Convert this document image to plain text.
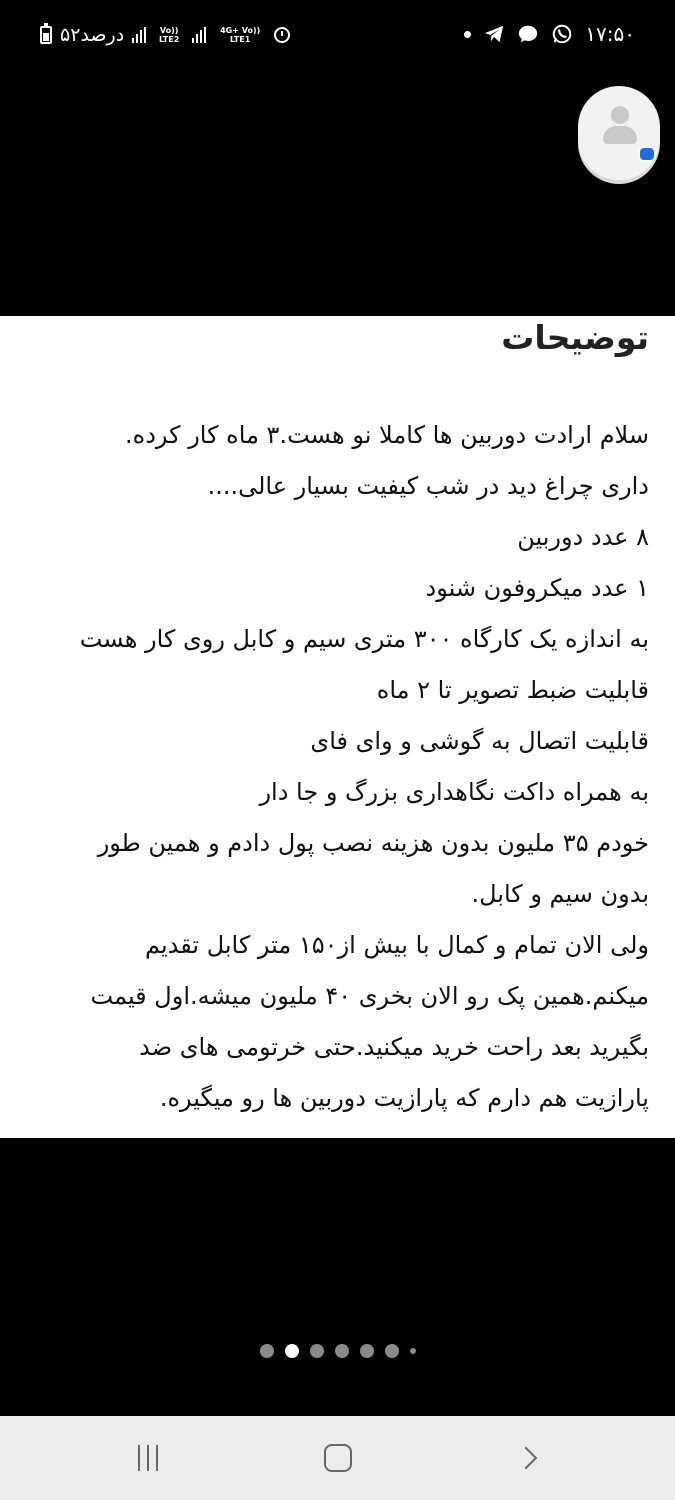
۵۲درصد	Vo)) LTE2
4G+ Vo)) LTE1	۱۷:۵۰
توضیحات
سلام ارادت دوربین ها کاملا نو هست.۳ ماه کار کرده.
داری چراغ دید در شب کیفیت بسیار عالی....
۸ عدد دوربین
۱ عدد میکروفون شنود
به اندازه یک کارگاه ۳۰۰ متری سیم و کابل روی کار هست
قابلیت ضبط تصویر تا ۲ ماه
قابلیت اتصال به گوشی و وای فای
به همراه داکت نگاهداری بزرگ و جا دار
خودم ۳۵ ملیون بدون هزینه نصب پول دادم و همین طور
بدون سیم و کابل.
ولی الان تمام و کمال با بیش از۱۵۰ متر کابل تقدیم
میکنم.همین پک رو الان بخری ۴۰ ملیون میشه.اول قیمت
بگیرید بعد راحت خرید میکنید.حتی خرتومی های ضد
پارازیت هم دارم که پارازیت دوربین ها رو میگیره.
